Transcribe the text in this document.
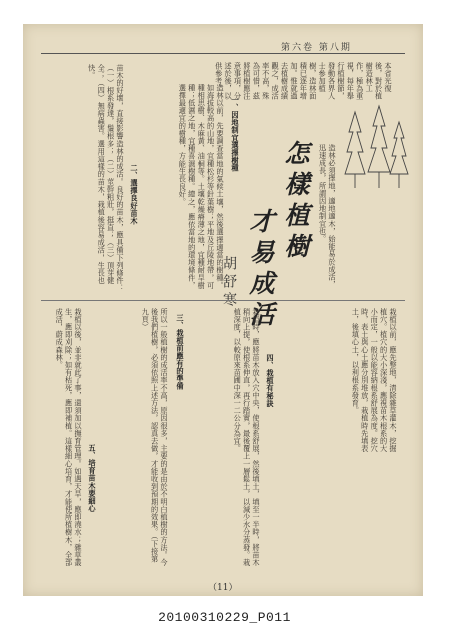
第六卷 第八期
怎樣植樹
才易成活
胡舒寒
本省光復後，對於植樹造林工作，極為重視，每年舉行植樹節，發動各界人士參加植樹，造林面積已逐年增加。惟就過去植樹成績觀之，成活率不高，殊為可惜，茲將植樹應注意事項，分述於後，以供參考。
造林必須擇地，適地適木，始能易於成活，迅速成長，所謂因地制宜也。
一、因地制宜選擇樹種
造林以前，先要調查當地的氣候土壤，然後選擇適當的樹種。如海拔較高的山地，宜種松杉等針葉樹；平地及丘陵地帶，可種相思樹、木麻黃、油桐等。土壤乾燥瘠薄之地，宜種耐旱樹種；低濕之地，宜種喜濕樹種。總之，應依當地的環境條件，選擇最適宜的樹種，方能生長良好。
二、選擇良好苗木
苗木的好壞，直接影響造林的成活。良好的苗木，應具備下列條件：（一）根系發達，鬚根多；（二）莖幹粗壯，挺直；（三）頂芽健全；（四）無病蟲害。選用這樣的苗木，栽植後容易成活，生長也快。
栽植以前，應先整地，清除雜草灌木，挖掘植穴。植穴的大小深淺，應視苗木根系的大小而定，一般以能容納根系舒展為度。挖穴時，表土與心土應分別堆放，栽植時先填表土，後填心土，以利根系發育。
四、栽植有秘訣
栽植時，應將苗木放入穴中央，使根系舒展，然後填土，填至一半時，將苗木稍向上提，使根系伸直，再行踏實，最後覆上一層鬆土，以減少水分蒸發。栽植深度，以較原來苗圃中深一二公分為宜。
三、栽植前應有的準備
所以一般植樹的成活率不高，原因很多，主要的是由於不明白植樹的方法。今後我們植樹，必須依照上述方法，認真去做，才能收到預期的效果。（下接第九頁）
五、培育苗木要細心
栽植以後，並非就此了事，還須加以撫育管理。如遇天旱，應即澆水；雜草叢生，應即刈除；如有枯死，應即補植。這樣細心培育，才能使所植樹木，全部成活，蔚成森林。
（11）
20100310229_P011
